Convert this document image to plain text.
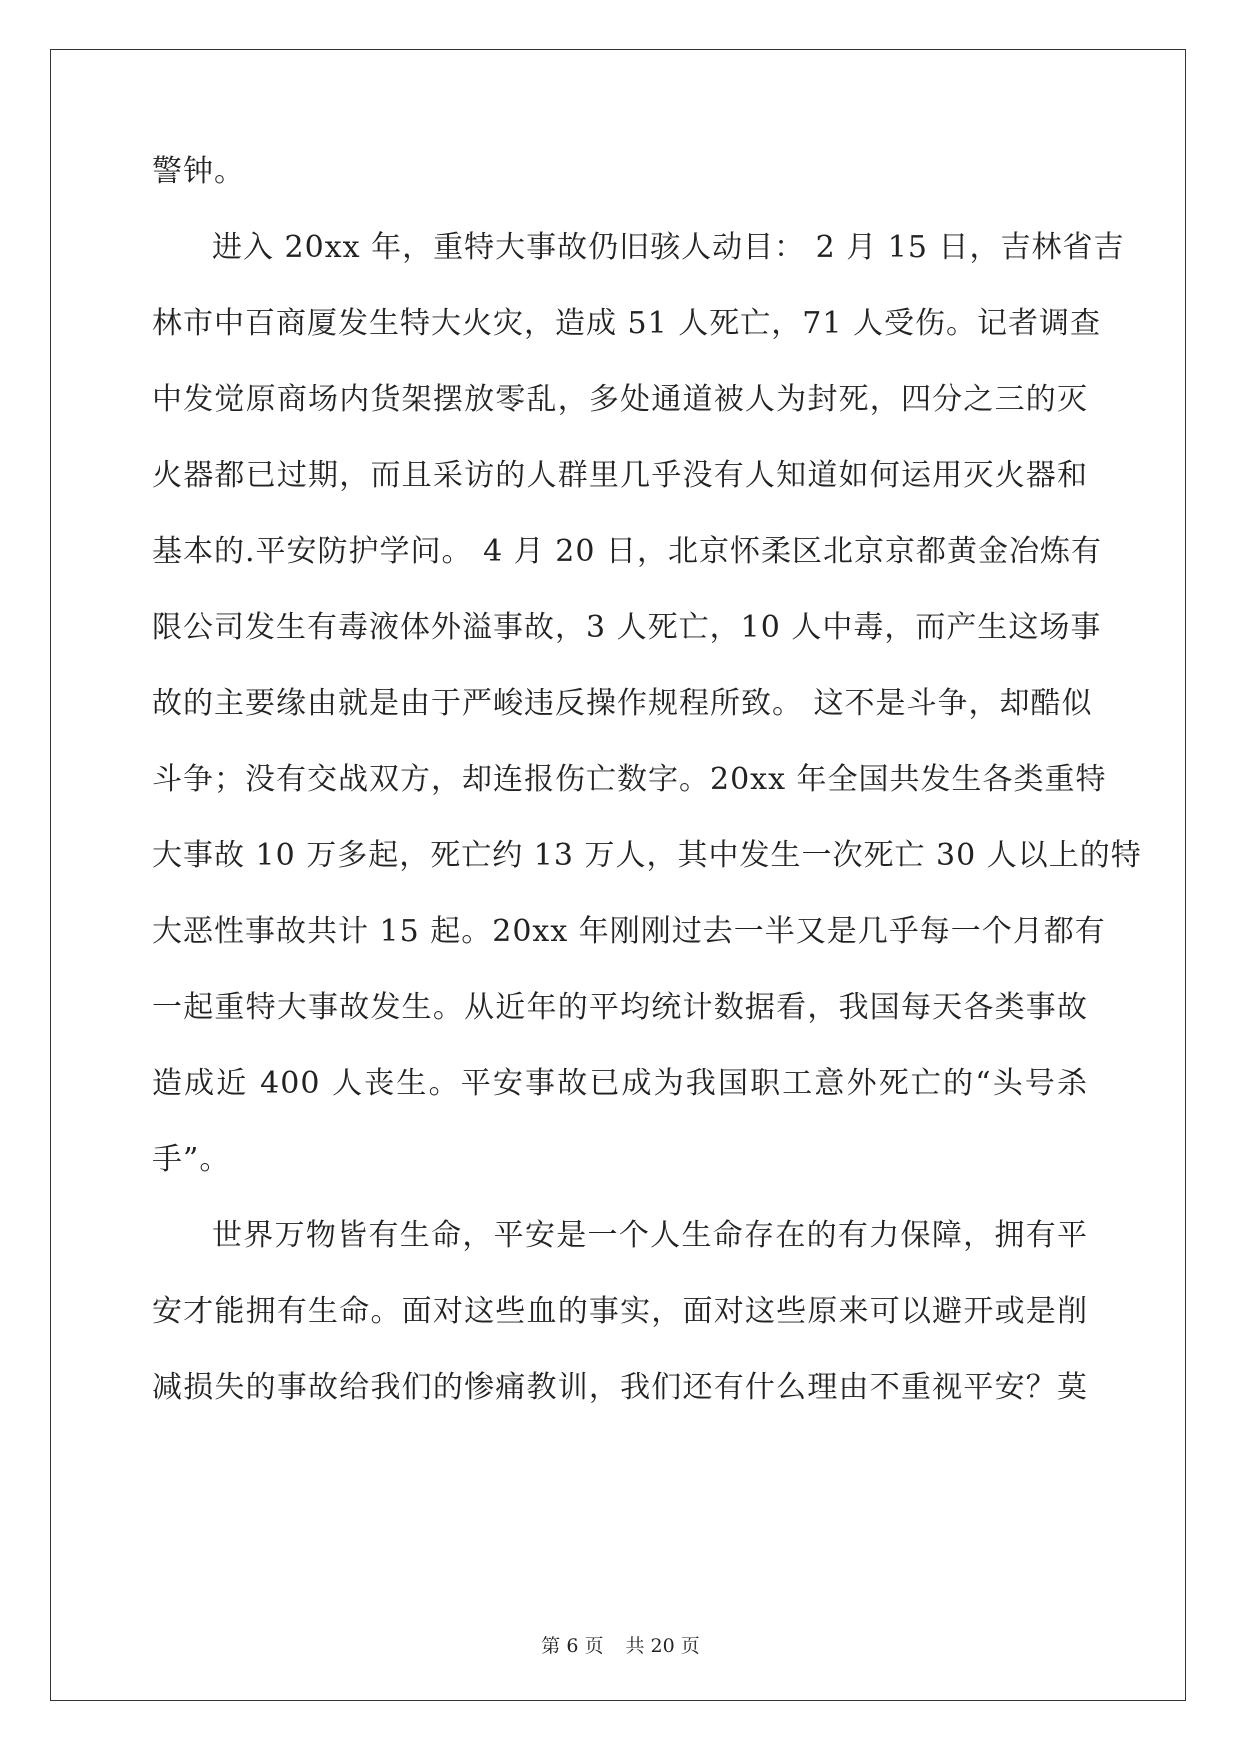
警钟。
进入 20xx 年，重特大事故仍旧骇人动目： 2 月 15 日，吉林省吉
林市中百商厦发生特大火灾，造成 51 人死亡，71 人受伤。记者调查
中发觉原商场内货架摆放零乱，多处通道被人为封死，四分之三的灭
火器都已过期，而且采访的人群里几乎没有人知道如何运用灭火器和
基本的.平安防护学问。 4 月 20 日，北京怀柔区北京京都黄金冶炼有
限公司发生有毒液体外溢事故，3 人死亡，10 人中毒，而产生这场事
故的主要缘由就是由于严峻违反操作规程所致。 这不是斗争，却酷似
斗争；没有交战双方，却连报伤亡数字。20xx 年全国共发生各类重特
大事故 10 万多起，死亡约 13 万人，其中发生一次死亡 30 人以上的特
大恶性事故共计 15 起。20xx 年刚刚过去一半又是几乎每一个月都有
一起重特大事故发生。从近年的平均统计数据看，我国每天各类事故
造成近 400 人丧生。平安事故已成为我国职工意外死亡的“头号杀
手”。
世界万物皆有生命，平安是一个人生命存在的有力保障，拥有平
安才能拥有生命。面对这些血的事实，面对这些原来可以避开或是削
减损失的事故给我们的惨痛教训，我们还有什么理由不重视平安？莫
第 6 页 共 20 页
